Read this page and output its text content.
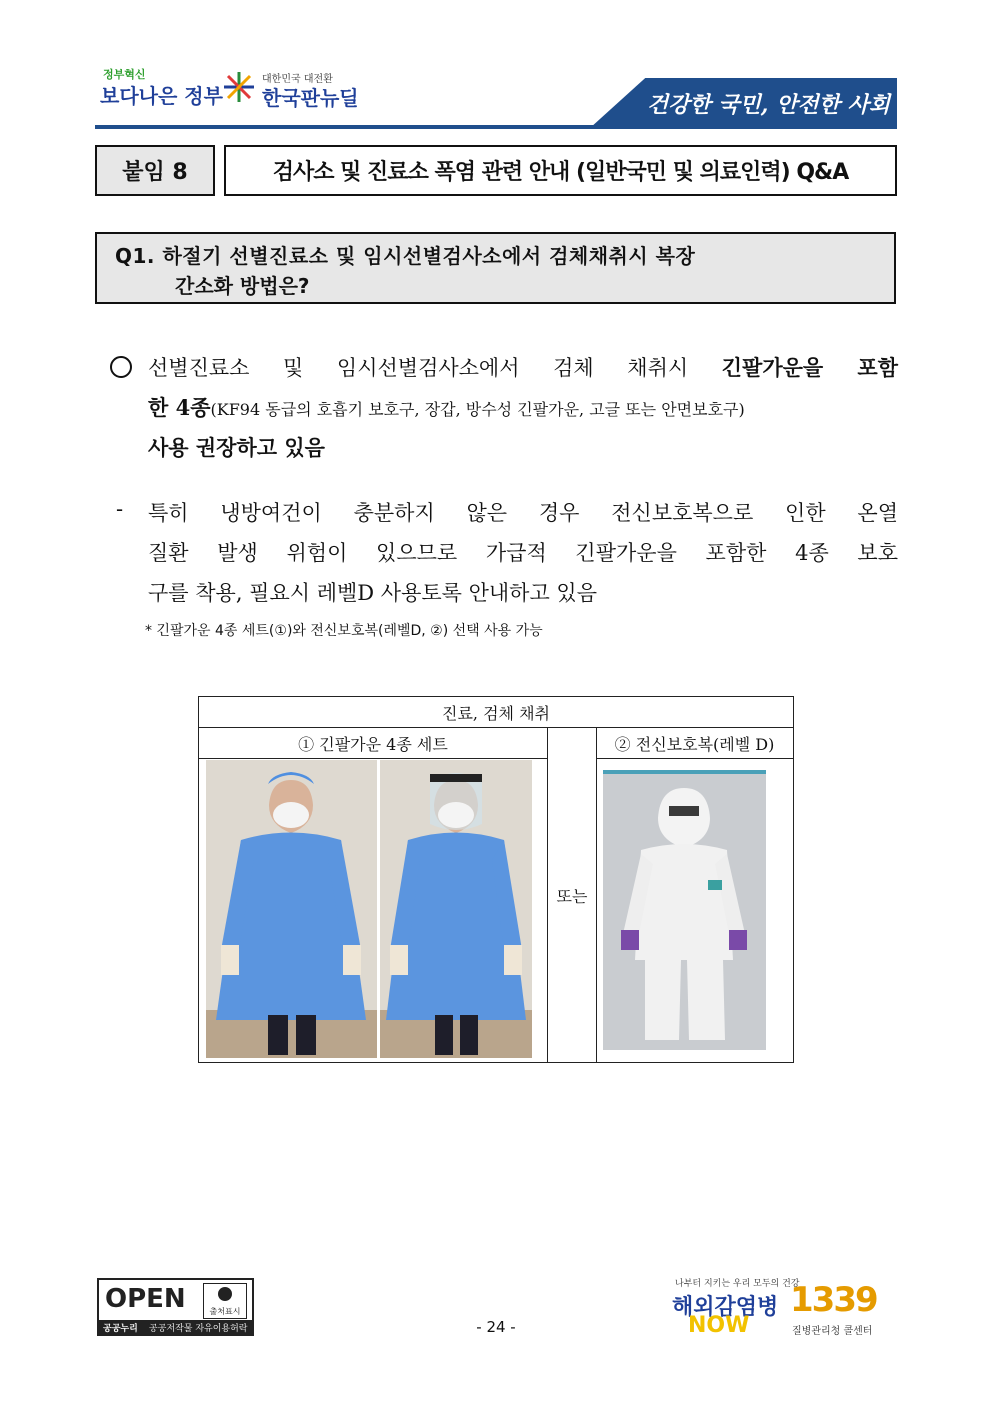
정부혁신
보다나은 정부
대한민국 대전환
한국판뉴딜	건강한 국민, 안전한 사회
붙임 8	검사소 및 진료소 폭염 관련 안내 (일반국민 및 의료인력) Q&A
Q1. 하절기 선별진료소 및 임시선별검사소에서 검체채취시 복장
간소화 방법은?
선별진료소 및 임시선별검사소에서 검체 채취시 긴팔가운을 포함
한 4종(KF94 동급의 호흡기 보호구, 장갑, 방수성 긴팔가운, 고글 또는 안면보호구)
사용 권장하고 있음
- 특히 냉방여건이 충분하지 않은 경우 전신보호복으로 인한 온열
질환 발생 위험이 있으므로 가급적 긴팔가운을 포함한 4종 보호
구를 착용, 필요시 레벨D 사용토록 안내하고 있음
* 긴팔가운 4종 세트(①)와 전신보호복(레벨D, ②) 선택 사용 가능
진료, 검체 채취
① 긴팔가운 4종 세트	② 전신보호복(레벨 D)
또는
OPEN	출처표시
공공누리 공공저작물 자유이용허락	- 24 -
나부터 지키는 우리 모두의 건강
해외감염병
NOW
1339
질병관리청 콜센터
